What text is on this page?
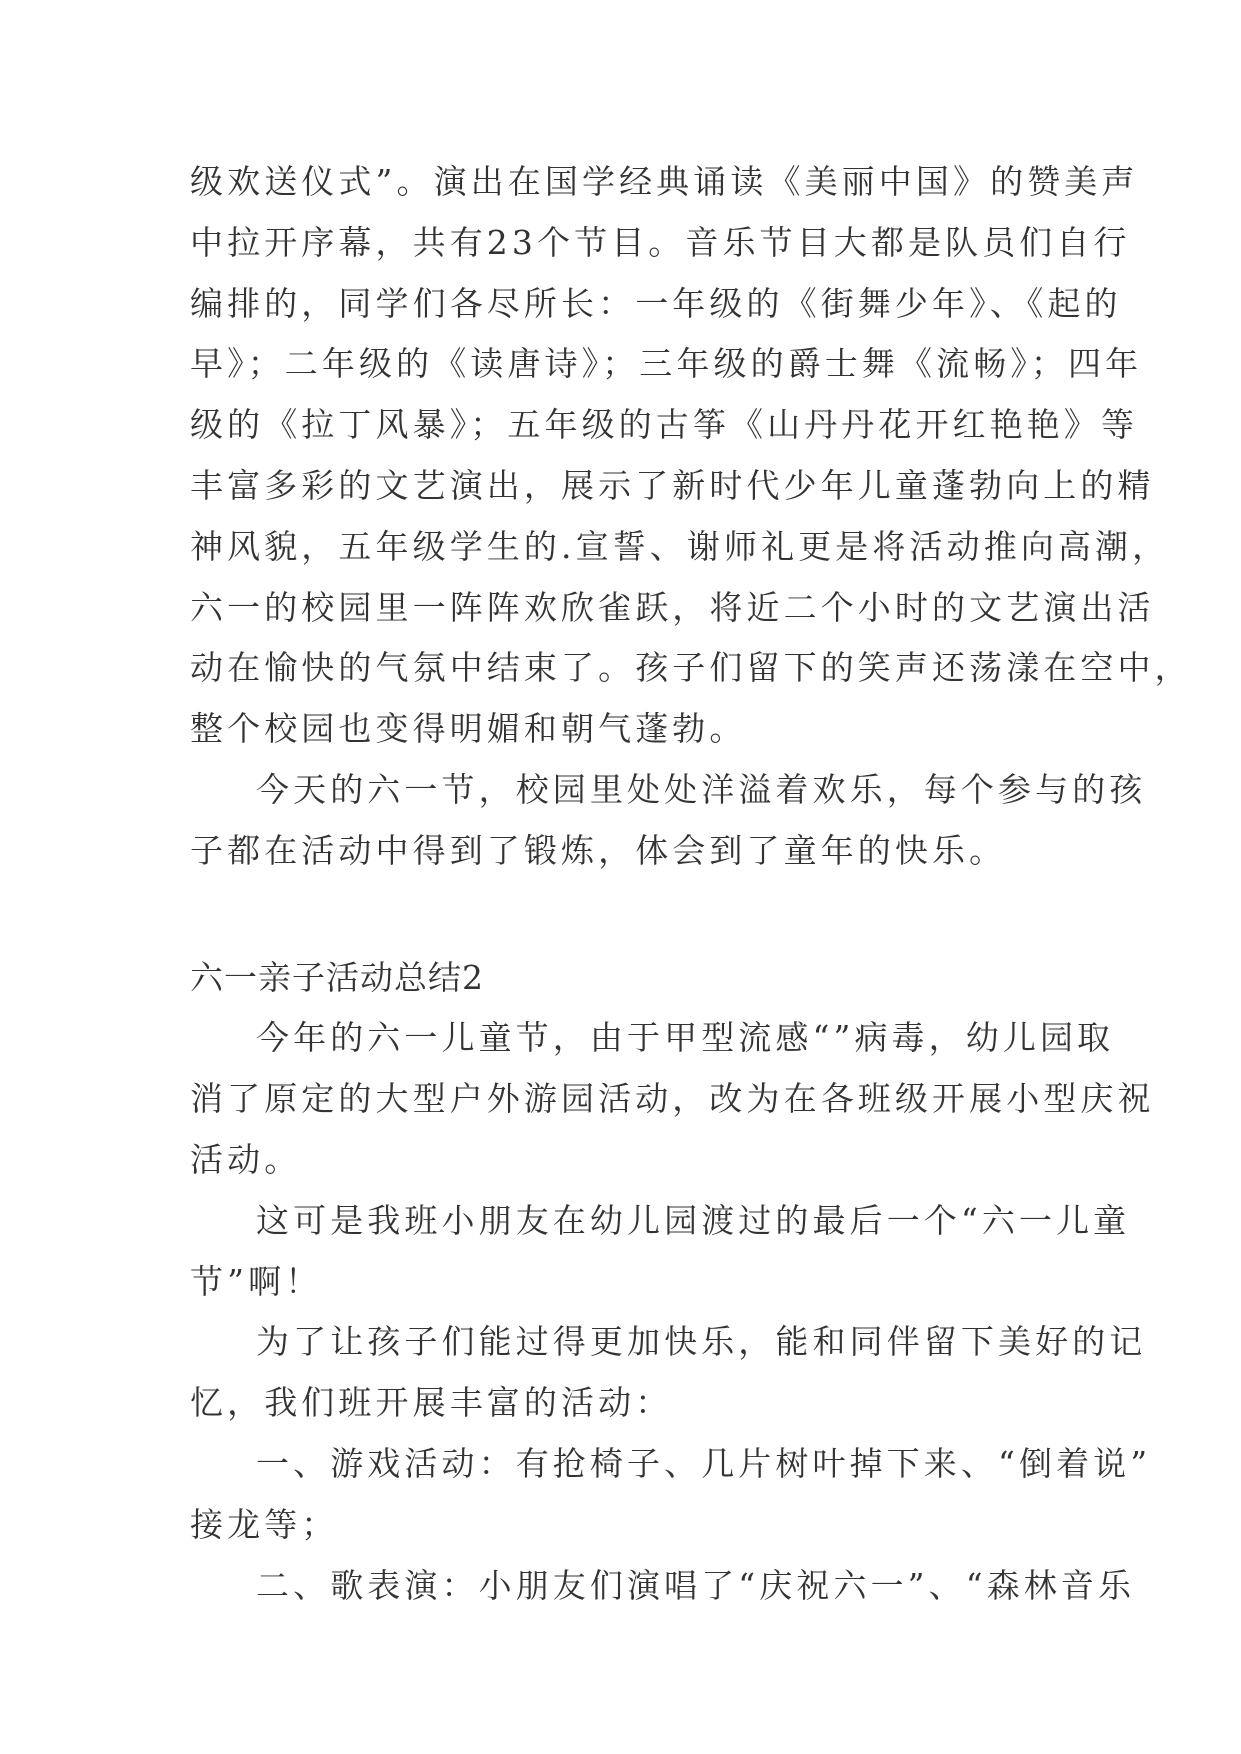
级欢送仪式”。演出在国学经典诵读《美丽中国》的赞美声
中拉开序幕，共有23个节目。音乐节目大都是队员们自行
编排的，同学们各尽所长：一年级的《街舞少年》、《起的
早》；二年级的《读唐诗》；三年级的爵士舞《流畅》；四年
级的《拉丁风暴》；五年级的古筝《山丹丹花开红艳艳》等
丰富多彩的文艺演出，展示了新时代少年儿童蓬勃向上的精
神风貌，五年级学生的.宣誓、谢师礼更是将活动推向高潮，
六一的校园里一阵阵欢欣雀跃，将近二个小时的文艺演出活
动在愉快的气氛中结束了。孩子们留下的笑声还荡漾在空中，
整个校园也变得明媚和朝气蓬勃。
今天的六一节，校园里处处洋溢着欢乐，每个参与的孩
子都在活动中得到了锻炼，体会到了童年的快乐。
六一亲子活动总结2
今年的六一儿童节，由于甲型流感“”病毒，幼儿园取
消了原定的大型户外游园活动，改为在各班级开展小型庆祝
活动。
这可是我班小朋友在幼儿园渡过的最后一个“六一儿童
节”啊！
为了让孩子们能过得更加快乐，能和同伴留下美好的记
忆，我们班开展丰富的活动：
一、游戏活动：有抢椅子、几片树叶掉下来、“倒着说”
接龙等；
二、歌表演：小朋友们演唱了“庆祝六一”、“森林音乐
